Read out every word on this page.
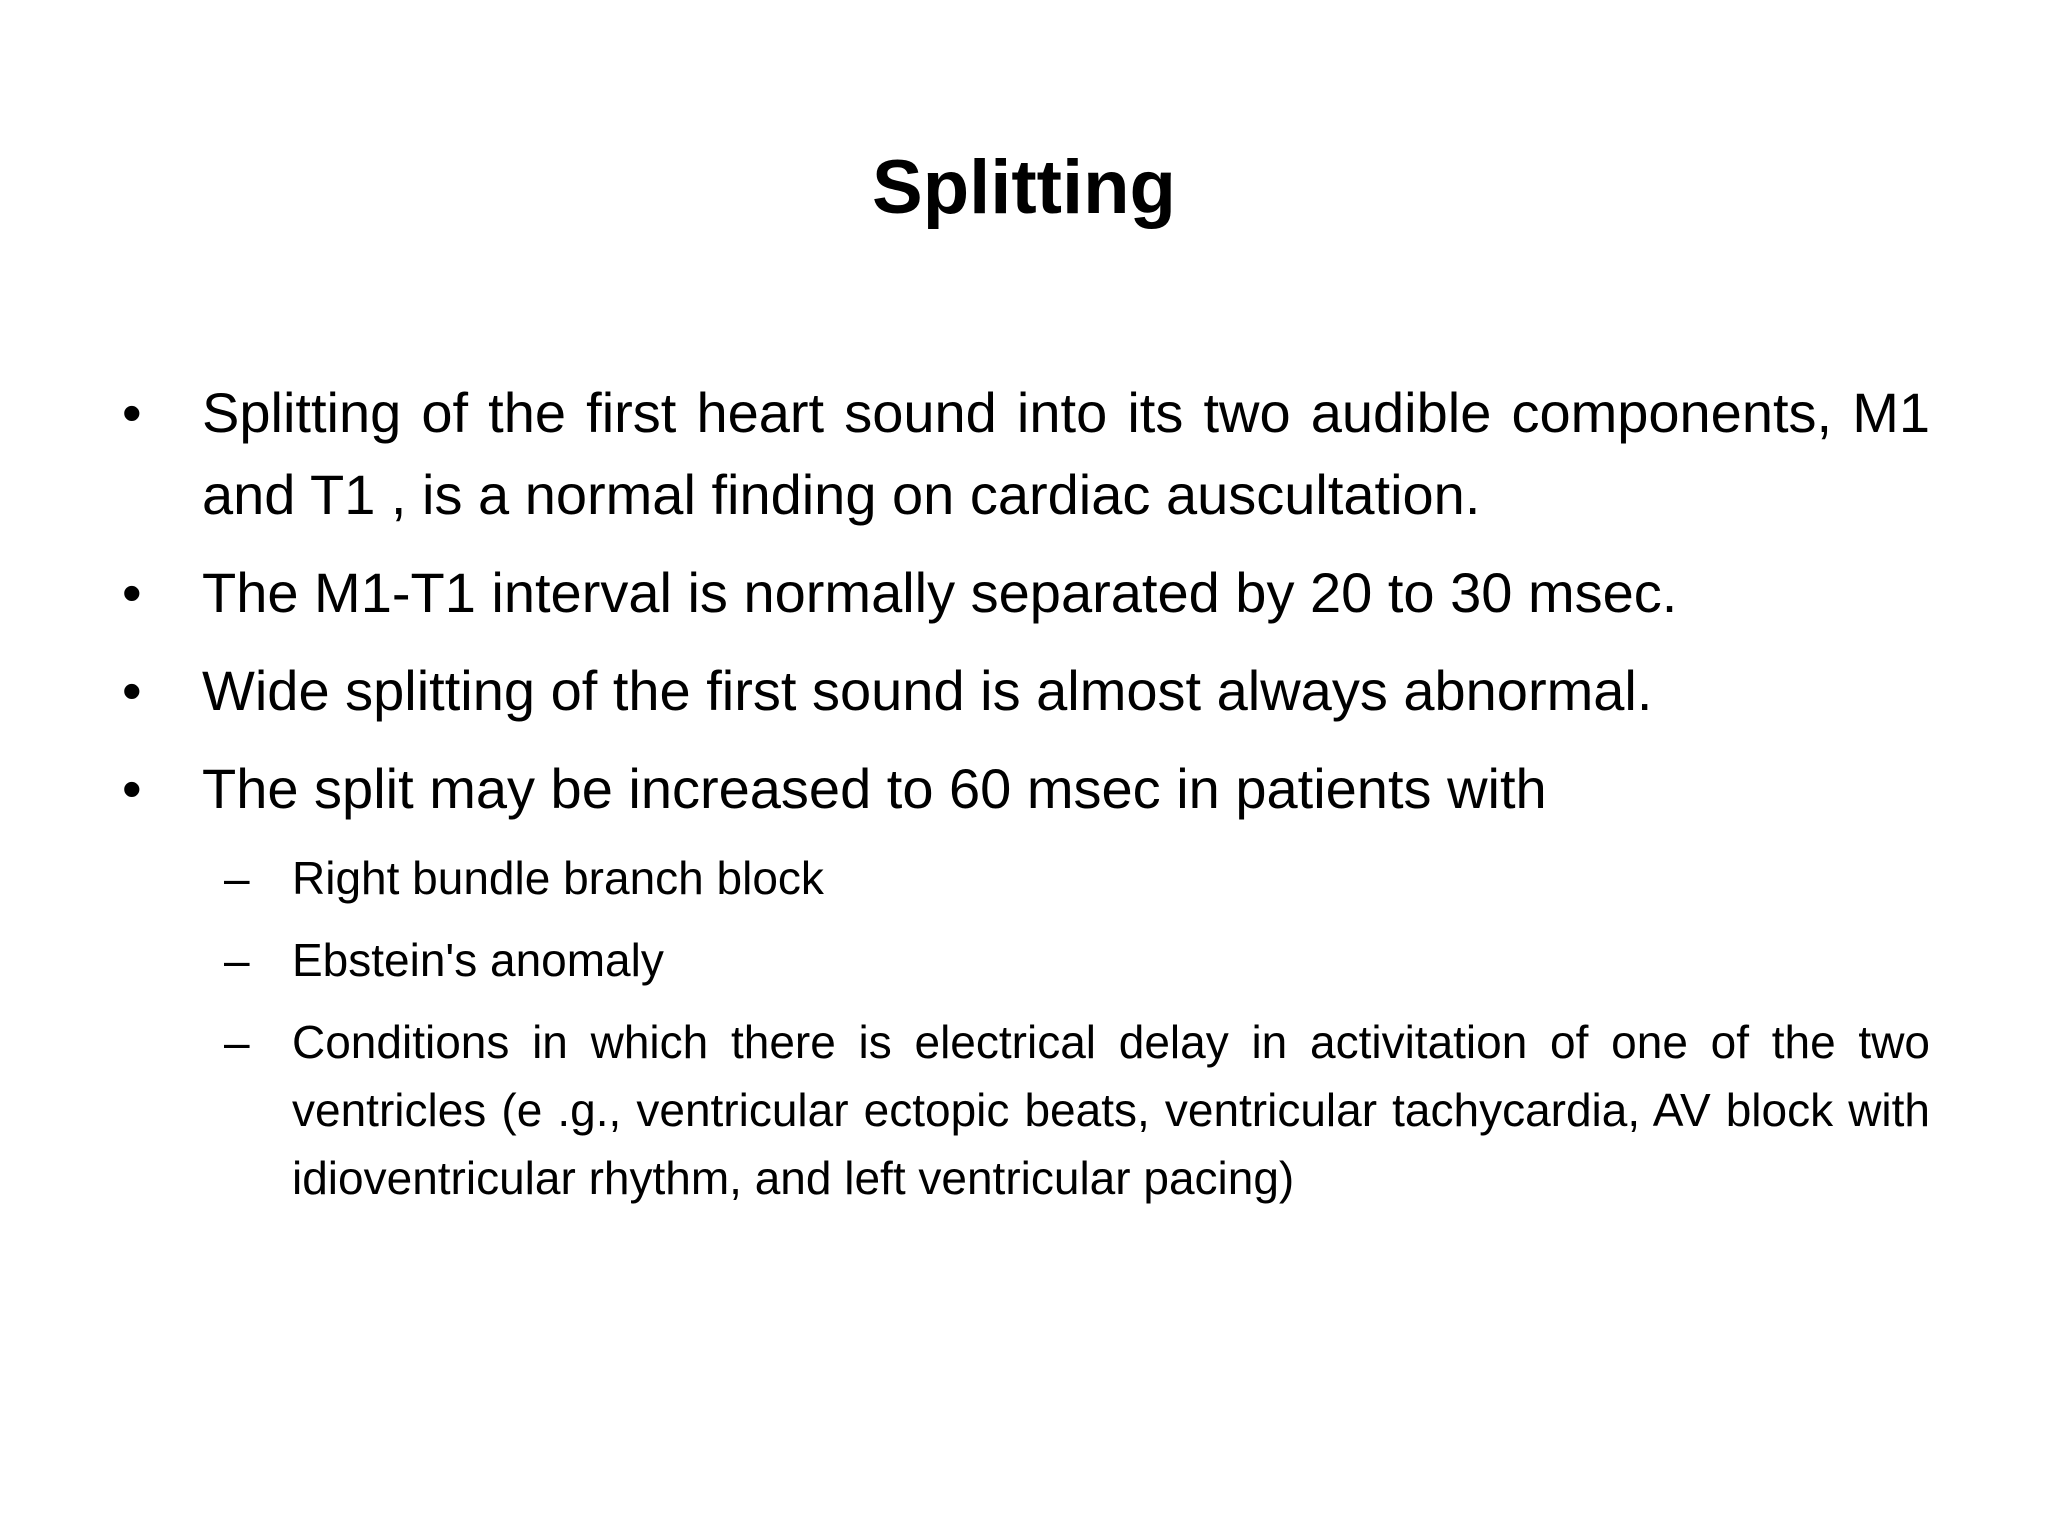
Splitting
•	Splitting of the first heart sound into its two audible components, M1 and T1 , is a normal finding on cardiac auscultation.
•	The M1-T1 interval is normally separated by 20 to 30 msec.
•	Wide splitting of the first sound is almost always abnormal.
•	The split may be increased to 60 msec in patients with
– Right bundle branch block
– Ebstein's anomaly
– Conditions in which there is electrical delay in activitation of one of the two ventricles (e .g., ventricular ectopic beats, ventricular tachycardia, AV block with idioventricular rhythm, and left ventricular pacing)
